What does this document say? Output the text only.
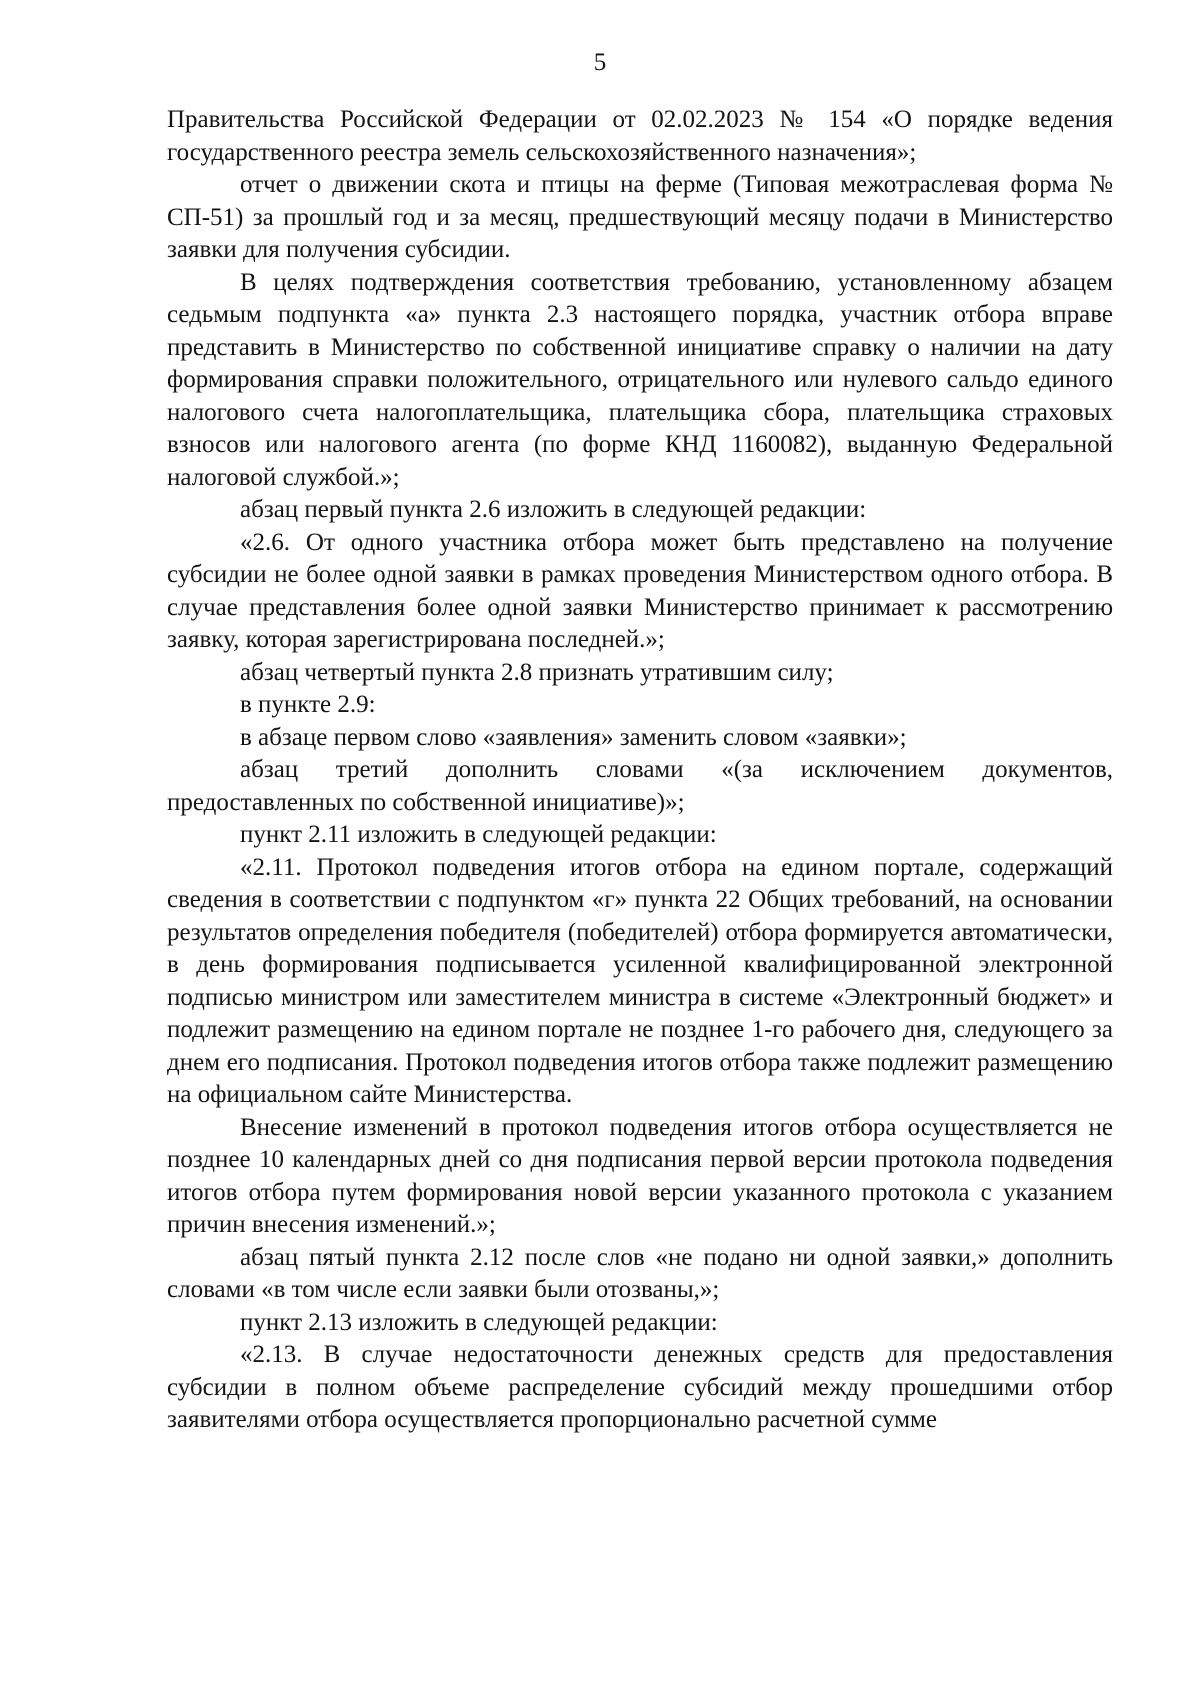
5

Правительства Российской Федерации от 02.02.2023 № 154 «О порядке ведения государственного реестра земель сельскохозяйственного назначения»;

отчет о движении скота и птицы на ферме (Типовая межотраслевая форма № СП-51) за прошлый год и за месяц, предшествующий месяцу подачи в Министерство заявки для получения субсидии.

В целях подтверждения соответствия требованию, установленному абзацем седьмым подпункта «а» пункта 2.3 настоящего порядка, участник отбора вправе представить в Министерство по собственной инициативе справку о наличии на дату формирования справки положительного, отрицательного или нулевого сальдо единого налогового счета налогоплательщика, плательщика сбора, плательщика страховых взносов или налогового агента (по форме КНД 1160082), выданную Федеральной налоговой службой.»;

абзац первый пункта 2.6 изложить в следующей редакции:

«2.6. От одного участника отбора может быть представлено на получение субсидии не более одной заявки в рамках проведения Министерством одного отбора. В случае представления более одной заявки Министерство принимает к рассмотрению заявку, которая зарегистрирована последней.»;

абзац четвертый пункта 2.8 признать утратившим силу;

в пункте 2.9:

в абзаце первом слово «заявления» заменить словом «заявки»;

абзац третий дополнить словами «(за исключением документов, предоставленных по собственной инициативе)»;

пункт 2.11 изложить в следующей редакции:

«2.11. Протокол подведения итогов отбора на едином портале, содержащий сведения в соответствии с подпунктом «г» пункта 22 Общих требований, на основании результатов определения победителя (победителей) отбора формируется автоматически, в день формирования подписывается усиленной квалифицированной электронной подписью министром или заместителем министра в системе «Электронный бюджет» и подлежит размещению на едином портале не позднее 1-го рабочего дня, следующего за днем его подписания. Протокол подведения итогов отбора также подлежит размещению на официальном сайте Министерства.

Внесение изменений в протокол подведения итогов отбора осуществляется не позднее 10 календарных дней со дня подписания первой версии протокола подведения итогов отбора путем формирования новой версии указанного протокола с указанием причин внесения изменений.»;

абзац пятый пункта 2.12 после слов «не подано ни одной заявки,» дополнить словами «в том числе если заявки были отозваны,»;

пункт 2.13 изложить в следующей редакции:

«2.13. В случае недостаточности денежных средств для предоставления субсидии в полном объеме распределение субсидий между прошедшими отбор заявителями отбора осуществляется пропорционально расчетной сумме
